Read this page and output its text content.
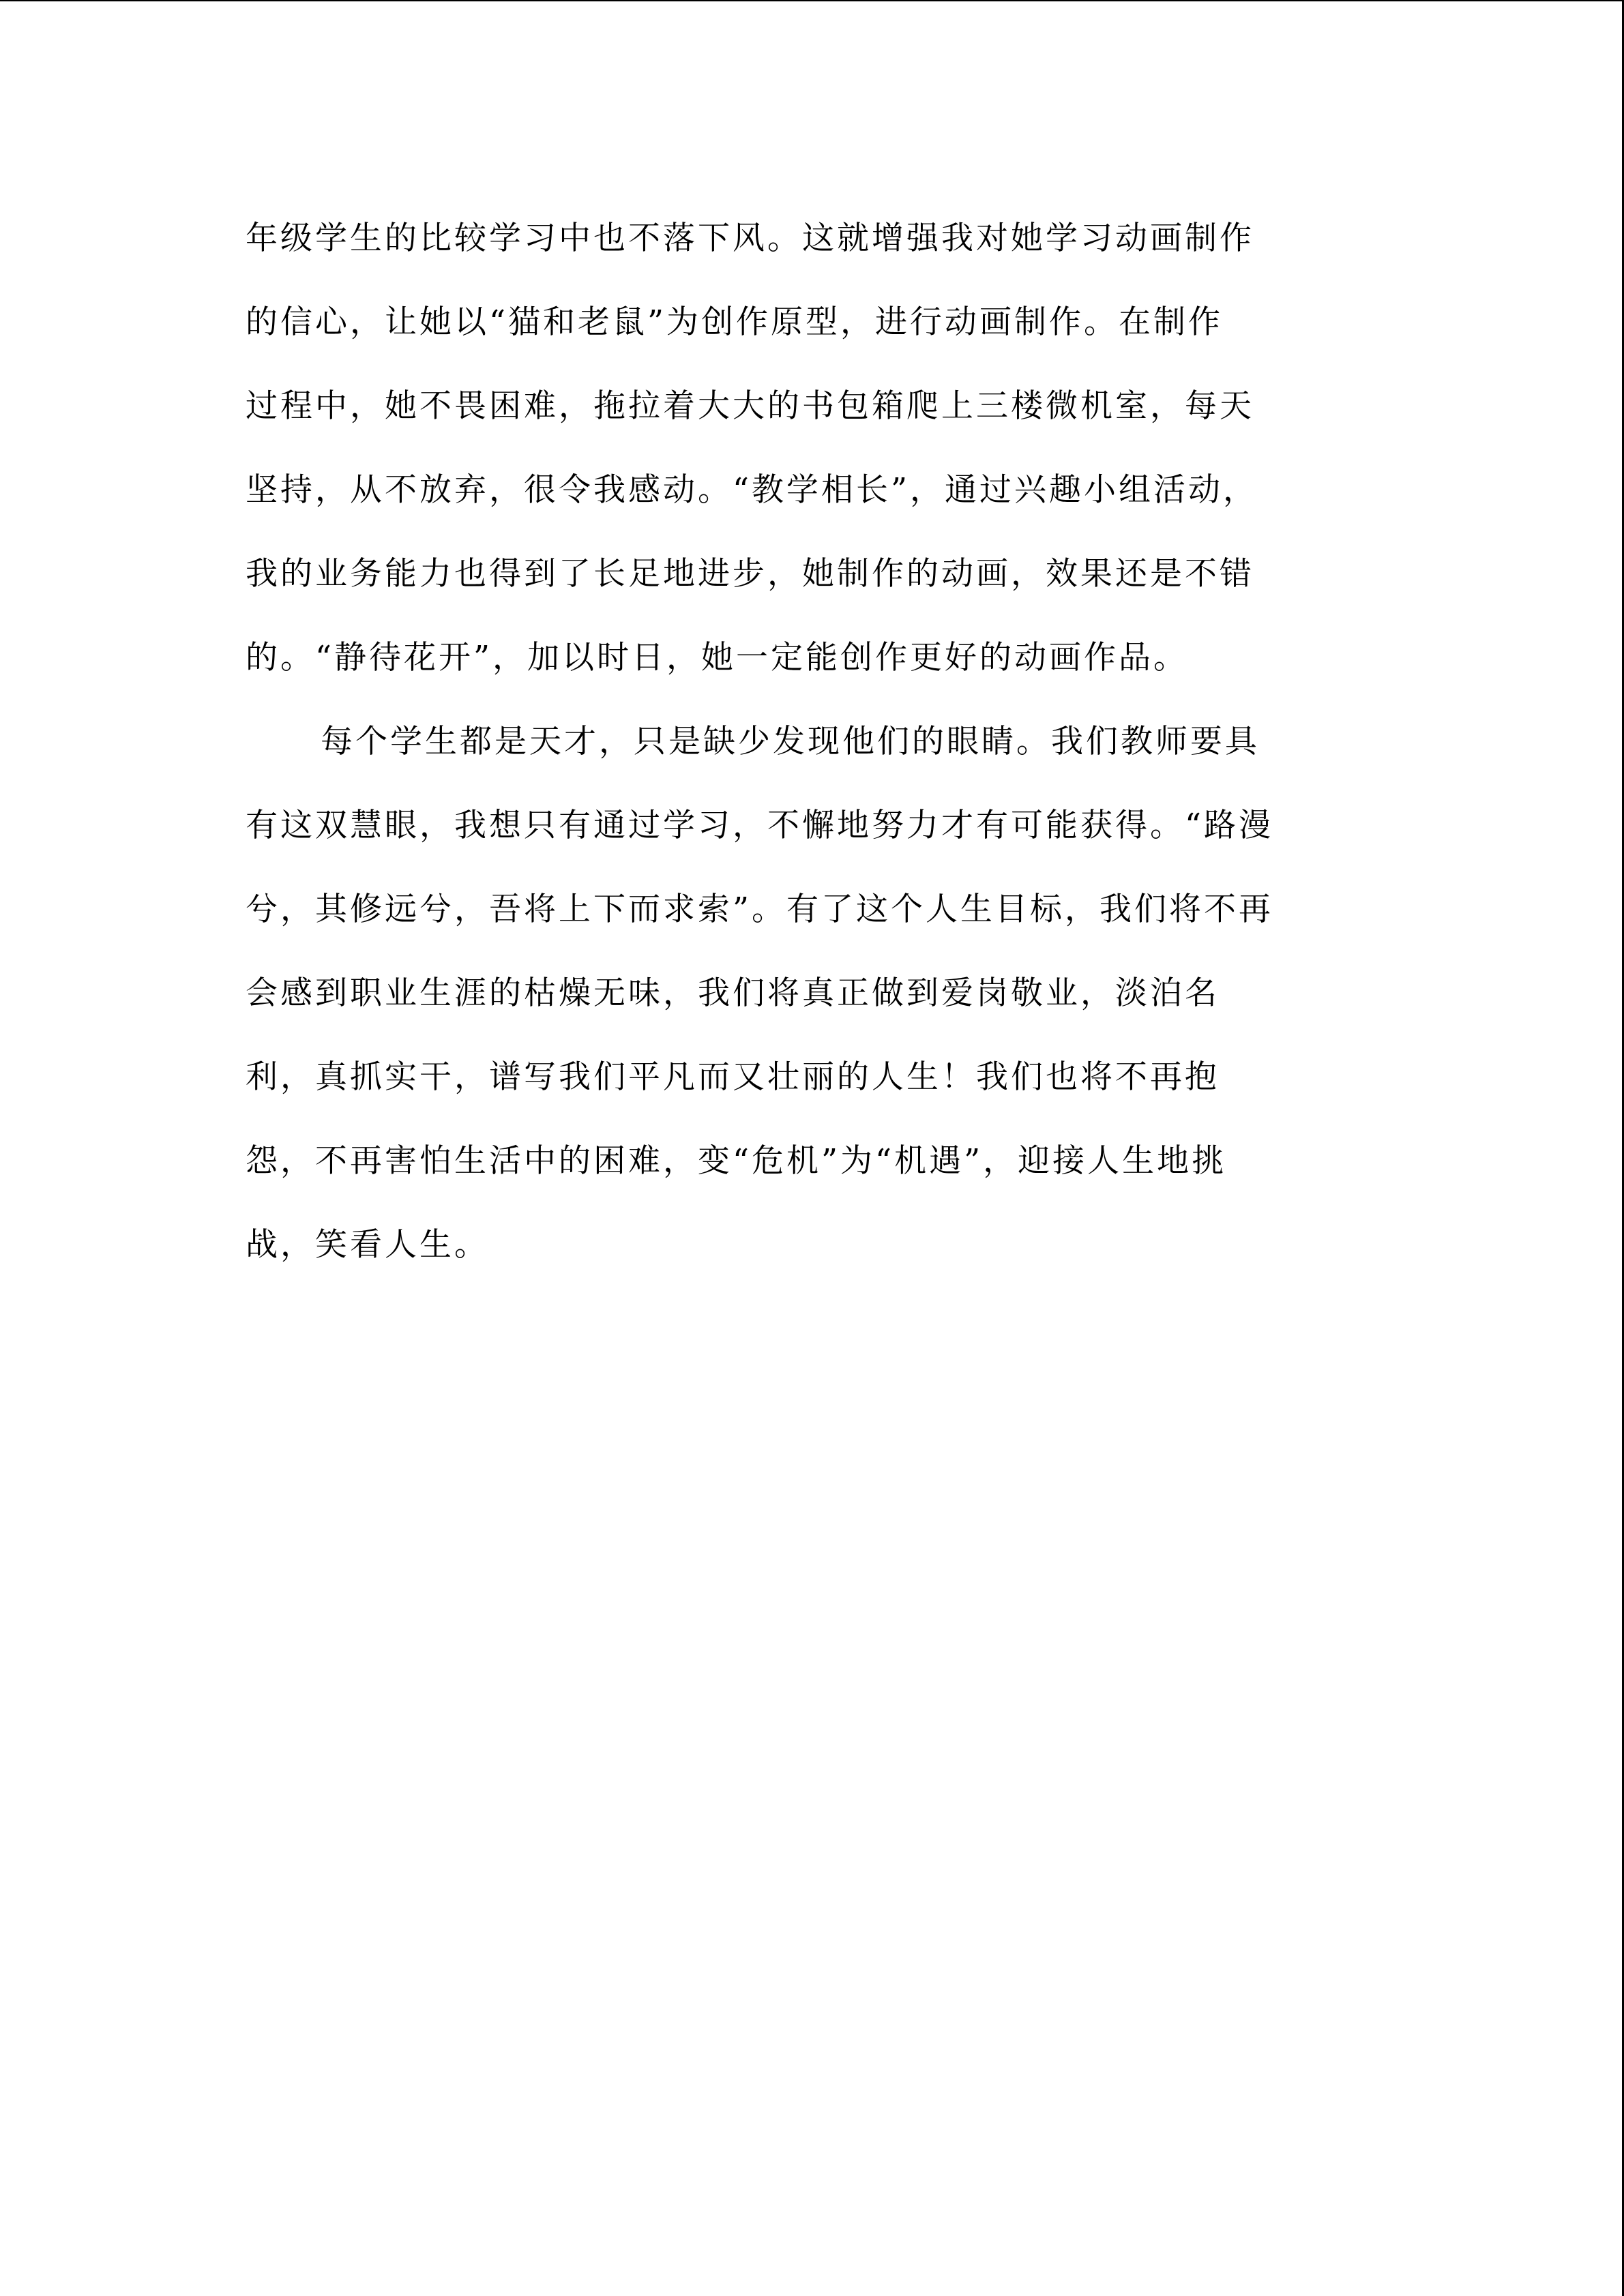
年级学生的比较学习中也不落下风。这就增强我对她学习动画制作
的信心，让她以“猫和老鼠”为创作原型，进行动画制作。在制作
过程中，她不畏困难，拖拉着大大的书包箱爬上三楼微机室，每天
坚持，从不放弃，很令我感动。“教学相长”，通过兴趣小组活动，
我的业务能力也得到了长足地进步，她制作的动画，效果还是不错
的。“静待花开”，加以时日，她一定能创作更好的动画作品。
每个学生都是天才，只是缺少发现他们的眼睛。我们教师要具
有这双慧眼，我想只有通过学习，不懈地努力才有可能获得。“路漫
兮，其修远兮，吾将上下而求索”。有了这个人生目标，我们将不再
会感到职业生涯的枯燥无味，我们将真正做到爱岗敬业，淡泊名
利，真抓实干，谱写我们平凡而又壮丽的人生！我们也将不再抱
怨，不再害怕生活中的困难，变“危机”为“机遇”，迎接人生地挑
战，笑看人生。
